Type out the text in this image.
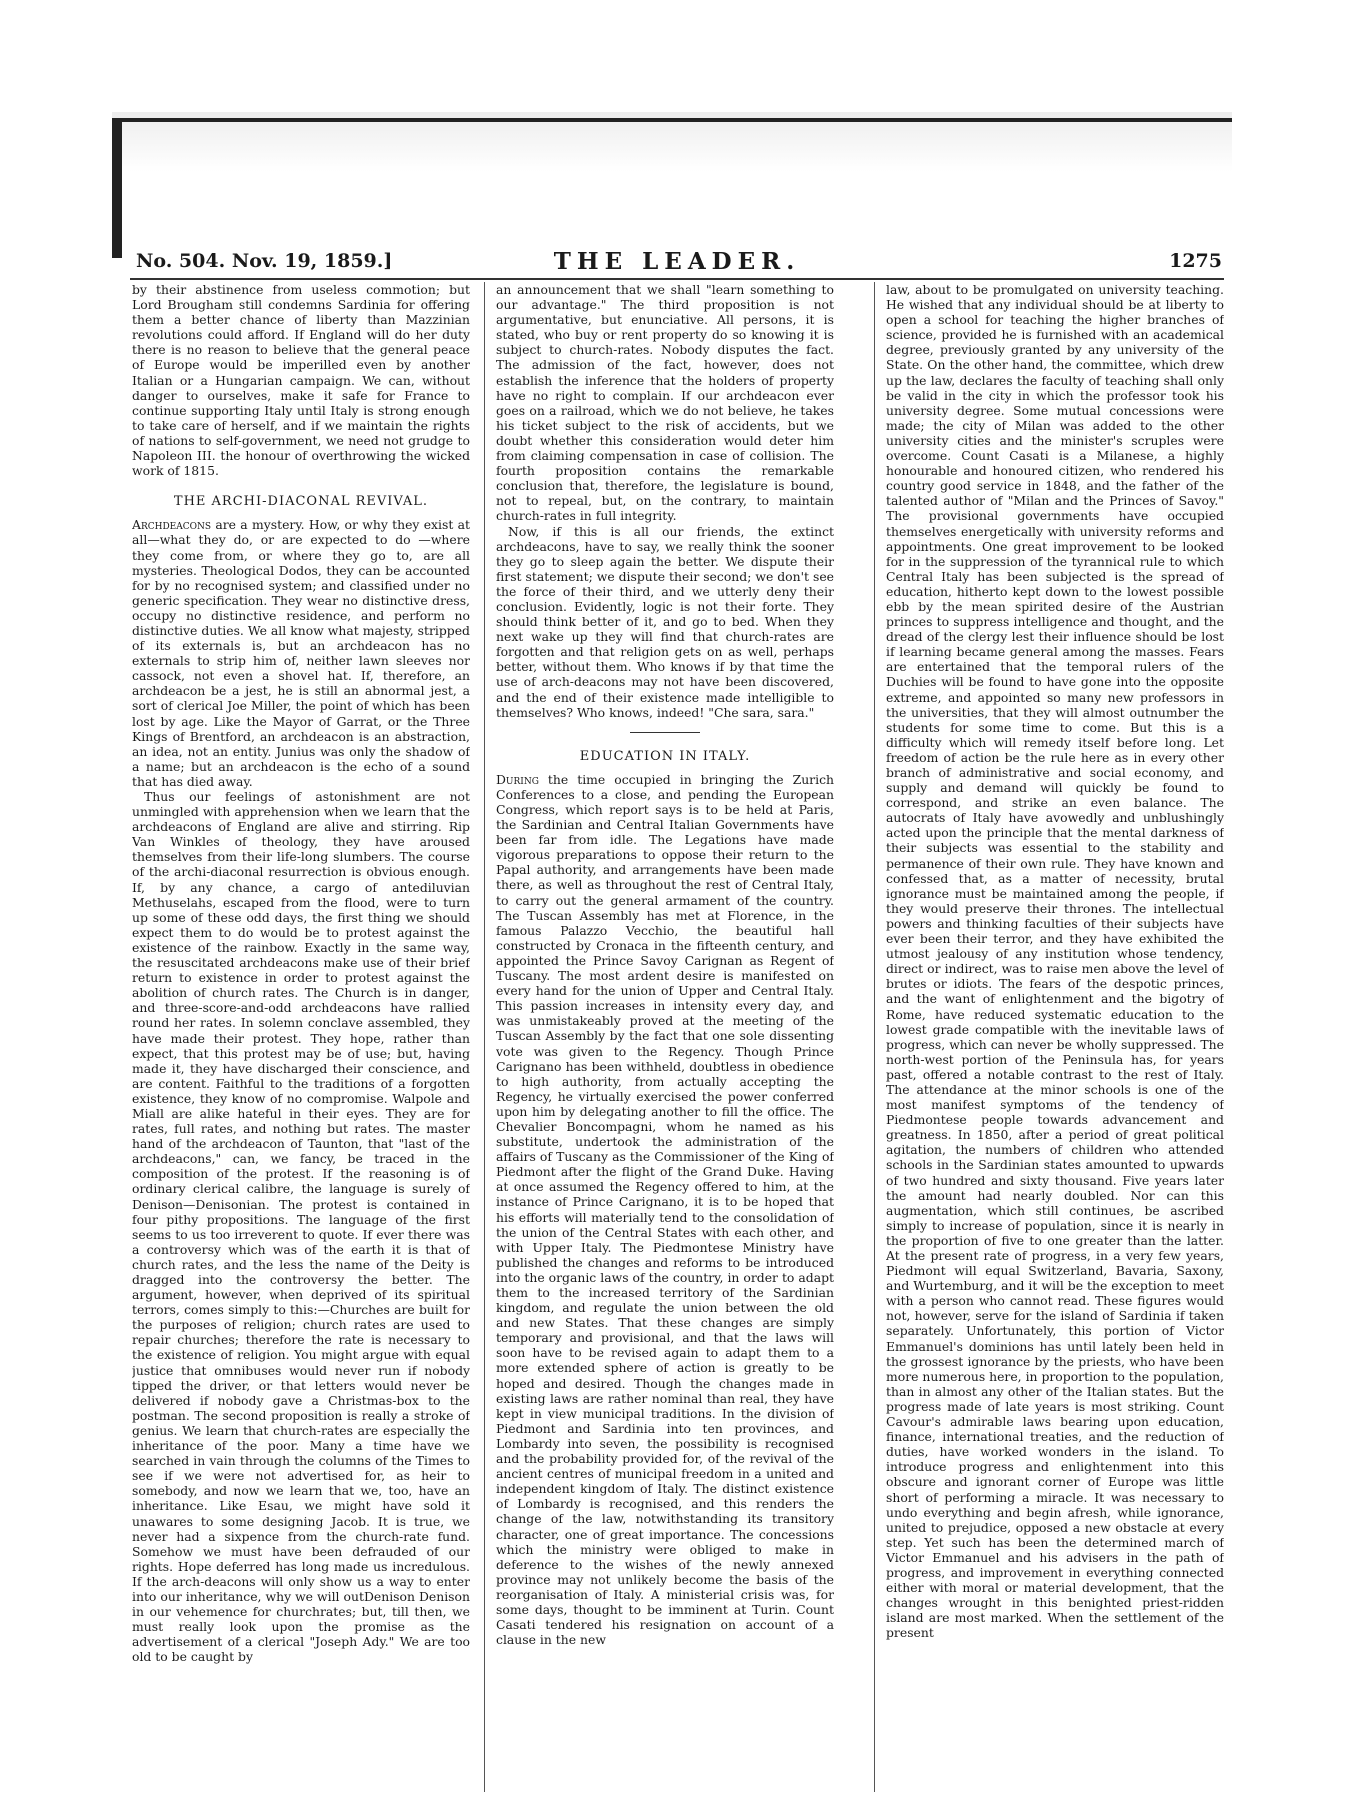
No. 504. Nov. 19, 1859.]	THE LEADER.	1275

by their abstinence from useless commotion; but Lord Brougham still condemns Sardinia for offering them a better chance of liberty than Mazzinian revolutions could afford. If England will do her duty there is no reason to believe that the general peace of Europe would be imperilled even by another Italian or a Hungarian campaign. We can, without danger to ourselves, make it safe for France to continue supporting Italy until Italy is strong enough to take care of herself, and if we maintain the rights of nations to self-government, we need not grudge to Napoleon III. the honour of overthrowing the wicked work of 1815.

THE ARCHI-DIACONAL REVIVAL.

Archdeacons are a mystery. How, or why they exist at all—what they do, or are expected to do —where they come from, or where they go to, are all mysteries. Theological Dodos, they can be accounted for by no recognised system; and classified under no generic specification. They wear no distinctive dress, occupy no distinctive residence, and perform no distinctive duties. We all know what majesty, stripped of its externals is, but an archdeacon has no externals to strip him of, neither lawn sleeves nor cassock, not even a shovel hat. If, therefore, an archdeacon be a jest, he is still an abnormal jest, a sort of clerical Joe Miller, the point of which has been lost by age. Like the Mayor of Garrat, or the Three Kings of Brentford, an archdeacon is an abstraction, an idea, not an entity. Junius was only the shadow of a name; but an archdeacon is the echo of a sound that has died away.

Thus our feelings of astonishment are not unmingled with apprehension when we learn that the archdeacons of England are alive and stirring. Rip Van Winkles of theology, they have aroused themselves from their life-long slumbers. The course of the archi-diaconal resurrection is obvious enough. If, by any chance, a cargo of antediluvian Methuselahs, escaped from the flood, were to turn up some of these odd days, the first thing we should expect them to do would be to protest against the existence of the rainbow. Exactly in the same way, the resuscitated archdeacons make use of their brief return to existence in order to protest against the abolition of church rates. The Church is in danger, and three-score-and-odd archdeacons have rallied round her rates. In solemn conclave assembled, they have made their protest. They hope, rather than expect, that this protest may be of use; but, having made it, they have discharged their conscience, and are content. Faithful to the traditions of a forgotten existence, they know of no compromise. Walpole and Miall are alike hateful in their eyes. They are for rates, full rates, and nothing but rates. The master hand of the archdeacon of Taunton, that "last of the archdeacons," can, we fancy, be traced in the composition of the protest. If the reasoning is of ordinary clerical calibre, the language is surely of Denison—Denisonian. The protest is contained in four pithy propositions. The language of the first seems to us too irreverent to quote. If ever there was a controversy which was of the earth it is that of church rates, and the less the name of the Deity is dragged into the controversy the better. The argument, however, when deprived of its spiritual terrors, comes simply to this:—Churches are built for the purposes of religion; church rates are used to repair churches; therefore the rate is necessary to the existence of religion. You might argue with equal justice that omnibuses would never run if nobody tipped the driver, or that letters would never be delivered if nobody gave a Christmas-box to the postman. The second proposition is really a stroke of genius. We learn that church-rates are especially the inheritance of the poor. Many a time have we searched in vain through the columns of the Times to see if we were not advertised for, as heir to somebody, and now we learn that we, too, have an inheritance. Like Esau, we might have sold it unawares to some designing Jacob. It is true, we never had a sixpence from the church-rate fund. Somehow we must have been defrauded of our rights. Hope deferred has long made us incredulous. If the arch-deacons will only show us a way to enter into our inheritance, why we will outDenison Denison in our vehemence for churchrates; but, till then, we must really look upon the promise as the advertisement of a clerical "Joseph Ady." We are too old to be caught by

an announcement that we shall "learn something to our advantage." The third proposition is not argumentative, but enunciative. All persons, it is stated, who buy or rent property do so knowing it is subject to church-rates. Nobody disputes the fact. The admission of the fact, however, does not establish the inference that the holders of property have no right to complain. If our archdeacon ever goes on a railroad, which we do not believe, he takes his ticket subject to the risk of accidents, but we doubt whether this consideration would deter him from claiming compensation in case of collision. The fourth proposition contains the remarkable conclusion that, therefore, the legislature is bound, not to repeal, but, on the contrary, to maintain church-rates in full integrity.

Now, if this is all our friends, the extinct archdeacons, have to say, we really think the sooner they go to sleep again the better. We dispute their first statement; we dispute their second; we don't see the force of their third, and we utterly deny their conclusion. Evidently, logic is not their forte. They should think better of it, and go to bed. When they next wake up they will find that church-rates are forgotten and that religion gets on as well, perhaps better, without them. Who knows if by that time the use of arch-deacons may not have been discovered, and the end of their existence made intelligible to themselves? Who knows, indeed! "Che sara, sara."

EDUCATION IN ITALY.

During the time occupied in bringing the Zurich Conferences to a close, and pending the European Congress, which report says is to be held at Paris, the Sardinian and Central Italian Governments have been far from idle. The Legations have made vigorous preparations to oppose their return to the Papal authority, and arrangements have been made there, as well as throughout the rest of Central Italy, to carry out the general armament of the country. The Tuscan Assembly has met at Florence, in the famous Palazzo Vecchio, the beautiful hall constructed by Cronaca in the fifteenth century, and appointed the Prince Savoy Carignan as Regent of Tuscany. The most ardent desire is manifested on every hand for the union of Upper and Central Italy. This passion increases in intensity every day, and was unmistakeably proved at the meeting of the Tuscan Assembly by the fact that one sole dissenting vote was given to the Regency. Though Prince Carignano has been withheld, doubtless in obedience to high authority, from actually accepting the Regency, he virtually exercised the power conferred upon him by delegating another to fill the office. The Chevalier Boncompagni, whom he named as his substitute, undertook the administration of the affairs of Tuscany as the Commissioner of the King of Piedmont after the flight of the Grand Duke. Having at once assumed the Regency offered to him, at the instance of Prince Carignano, it is to be hoped that his efforts will materially tend to the consolidation of the union of the Central States with each other, and with Upper Italy. The Piedmontese Ministry have published the changes and reforms to be introduced into the organic laws of the country, in order to adapt them to the increased territory of the Sardinian kingdom, and regulate the union between the old and new States. That these changes are simply temporary and provisional, and that the laws will soon have to be revised again to adapt them to a more extended sphere of action is greatly to be hoped and desired. Though the changes made in existing laws are rather nominal than real, they have kept in view municipal traditions. In the division of Piedmont and Sardinia into ten provinces, and Lombardy into seven, the possibility is recognised and the probability provided for, of the revival of the ancient centres of municipal freedom in a united and independent kingdom of Italy. The distinct existence of Lombardy is recognised, and this renders the change of the law, notwithstanding its transitory character, one of great importance. The concessions which the ministry were obliged to make in deference to the wishes of the newly annexed province may not unlikely become the basis of the reorganisation of Italy. A ministerial crisis was, for some days, thought to be imminent at Turin. Count Casati tendered his resignation on account of a clause in the new

law, about to be promulgated on university teaching. He wished that any individual should be at liberty to open a school for teaching the higher branches of science, provided he is furnished with an academical degree, previously granted by any university of the State. On the other hand, the committee, which drew up the law, declares the faculty of teaching shall only be valid in the city in which the professor took his university degree. Some mutual concessions were made; the city of Milan was added to the other university cities and the minister's scruples were overcome. Count Casati is a Milanese, a highly honourable and honoured citizen, who rendered his country good service in 1848, and the father of the talented author of "Milan and the Princes of Savoy." The provisional governments have occupied themselves energetically with university reforms and appointments. One great improvement to be looked for in the suppression of the tyrannical rule to which Central Italy has been subjected is the spread of education, hitherto kept down to the lowest possible ebb by the mean spirited desire of the Austrian princes to suppress intelligence and thought, and the dread of the clergy lest their influence should be lost if learning became general among the masses. Fears are entertained that the temporal rulers of the Duchies will be found to have gone into the opposite extreme, and appointed so many new professors in the universities, that they will almost outnumber the students for some time to come. But this is a difficulty which will remedy itself before long. Let freedom of action be the rule here as in every other branch of administrative and social economy, and supply and demand will quickly be found to correspond, and strike an even balance. The autocrats of Italy have avowedly and unblushingly acted upon the principle that the mental darkness of their subjects was essential to the stability and permanence of their own rule. They have known and confessed that, as a matter of necessity, brutal ignorance must be maintained among the people, if they would preserve their thrones. The intellectual powers and thinking faculties of their subjects have ever been their terror, and they have exhibited the utmost jealousy of any institution whose tendency, direct or indirect, was to raise men above the level of brutes or idiots. The fears of the despotic princes, and the want of enlightenment and the bigotry of Rome, have reduced systematic education to the lowest grade compatible with the inevitable laws of progress, which can never be wholly suppressed. The north-west portion of the Peninsula has, for years past, offered a notable contrast to the rest of Italy. The attendance at the minor schools is one of the most manifest symptoms of the tendency of Piedmontese people towards advancement and greatness. In 1850, after a period of great political agitation, the numbers of children who attended schools in the Sardinian states amounted to upwards of two hundred and sixty thousand. Five years later the amount had nearly doubled. Nor can this augmentation, which still continues, be ascribed simply to increase of population, since it is nearly in the proportion of five to one greater than the latter. At the present rate of progress, in a very few years, Piedmont will equal Switzerland, Bavaria, Saxony, and Wurtemburg, and it will be the exception to meet with a person who cannot read. These figures would not, however, serve for the island of Sardinia if taken separately. Unfortunately, this portion of Victor Emmanuel's dominions has until lately been held in the grossest ignorance by the priests, who have been more numerous here, in proportion to the population, than in almost any other of the Italian states. But the progress made of late years is most striking. Count Cavour's admirable laws bearing upon education, finance, international treaties, and the reduction of duties, have worked wonders in the island. To introduce progress and enlightenment into this obscure and ignorant corner of Europe was little short of performing a miracle. It was necessary to undo everything and begin afresh, while ignorance, united to prejudice, opposed a new obstacle at every step. Yet such has been the determined march of Victor Emmanuel and his advisers in the path of progress, and improvement in everything connected either with moral or material development, that the changes wrought in this benighted priest-ridden island are most marked. When the settlement of the present
